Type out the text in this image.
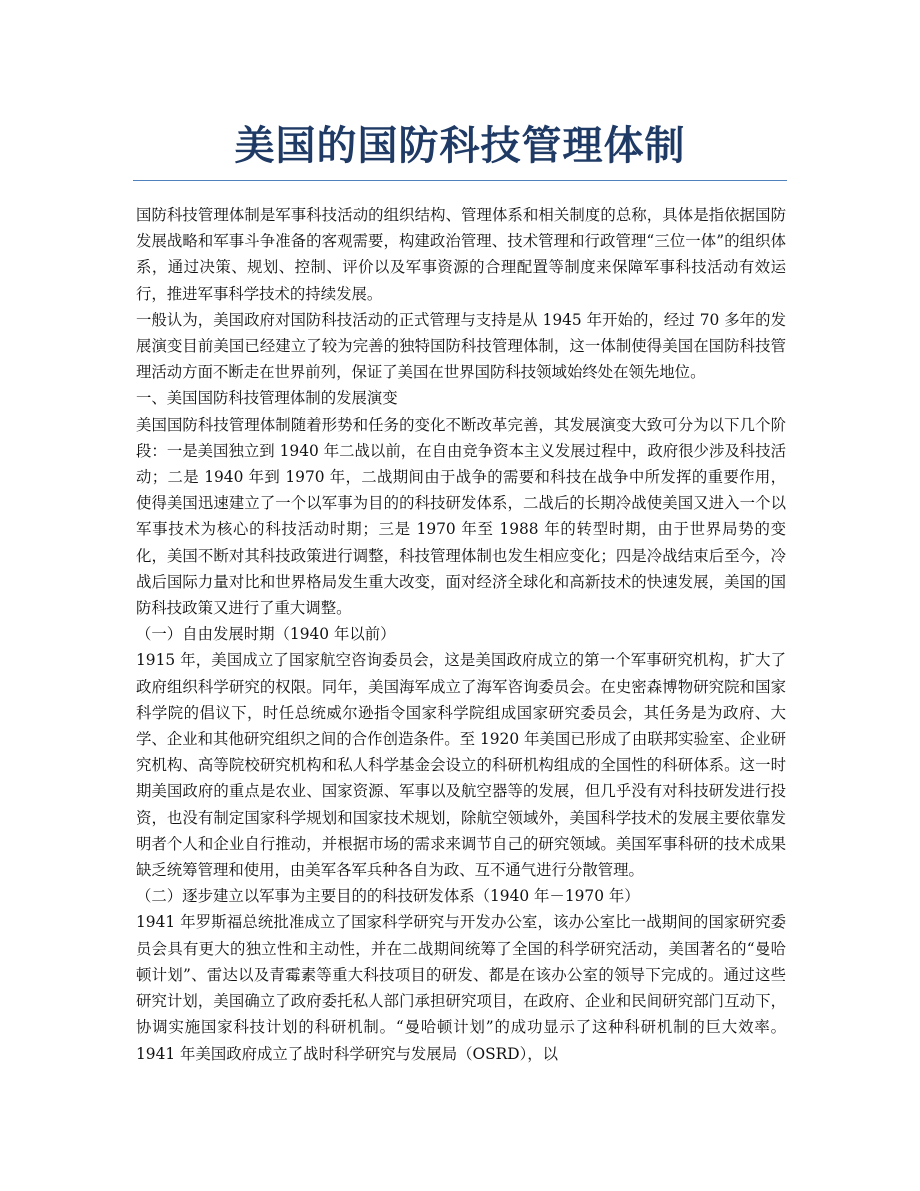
美国的国防科技管理体制

国防科技管理体制是军事科技活动的组织结构、管理体系和相关制度的总称，具体是指依据国防发展战略和军事斗争准备的客观需要，构建政治管理、技术管理和行政管理“三位一体”的组织体系，通过决策、规划、控制、评价以及军事资源的合理配置等制度来保障军事科技活动有效运行，推进军事科学技术的持续发展。

一般认为，美国政府对国防科技活动的正式管理与支持是从 1945 年开始的，经过 70 多年的发展演变目前美国已经建立了较为完善的独特国防科技管理体制，这一体制使得美国在国防科技管理活动方面不断走在世界前列，保证了美国在世界国防科技领域始终处在领先地位。

一、美国国防科技管理体制的发展演变

美国国防科技管理体制随着形势和任务的变化不断改革完善，其发展演变大致可分为以下几个阶段：一是美国独立到 1940 年二战以前，在自由竞争资本主义发展过程中，政府很少涉及科技活动；二是 1940 年到 1970 年，二战期间由于战争的需要和科技在战争中所发挥的重要作用，使得美国迅速建立了一个以军事为目的的科技研发体系，二战后的长期冷战使美国又进入一个以军事技术为核心的科技活动时期；三是 1970 年至 1988 年的转型时期，由于世界局势的变化，美国不断对其科技政策进行调整，科技管理体制也发生相应变化；四是冷战结束后至今，冷战后国际力量对比和世界格局发生重大改变，面对经济全球化和高新技术的快速发展，美国的国防科技政策又进行了重大调整。

（一）自由发展时期（1940 年以前）

1915 年，美国成立了国家航空咨询委员会，这是美国政府成立的第一个军事研究机构，扩大了政府组织科学研究的权限。同年，美国海军成立了海军咨询委员会。在史密森博物研究院和国家科学院的倡议下，时任总统威尔逊指令国家科学院组成国家研究委员会，其任务是为政府、大学、企业和其他研究组织之间的合作创造条件。至 1920 年美国已形成了由联邦实验室、企业研究机构、高等院校研究机构和私人科学基金会设立的科研机构组成的全国性的科研体系。这一时期美国政府的重点是农业、国家资源、军事以及航空器等的发展，但几乎没有对科技研发进行投资，也没有制定国家科学规划和国家技术规划，除航空领域外，美国科学技术的发展主要依靠发明者个人和企业自行推动，并根据市场的需求来调节自己的研究领域。美国军事科研的技术成果缺乏统筹管理和使用，由美军各军兵种各自为政、互不通气进行分散管理。

（二）逐步建立以军事为主要目的的科技研发体系（1940 年－1970 年）

1941 年罗斯福总统批准成立了国家科学研究与开发办公室，该办公室比一战期间的国家研究委员会具有更大的独立性和主动性，并在二战期间统筹了全国的科学研究活动，美国著名的“曼哈顿计划”、雷达以及青霉素等重大科技项目的研发、都是在该办公室的领导下完成的。通过这些研究计划，美国确立了政府委托私人部门承担研究项目，在政府、企业和民间研究部门互动下，协调实施国家科技计划的科研机制。“曼哈顿计划”的成功显示了这种科研机制的巨大效率。1941 年美国政府成立了战时科学研究与发展局（OSRD），以
